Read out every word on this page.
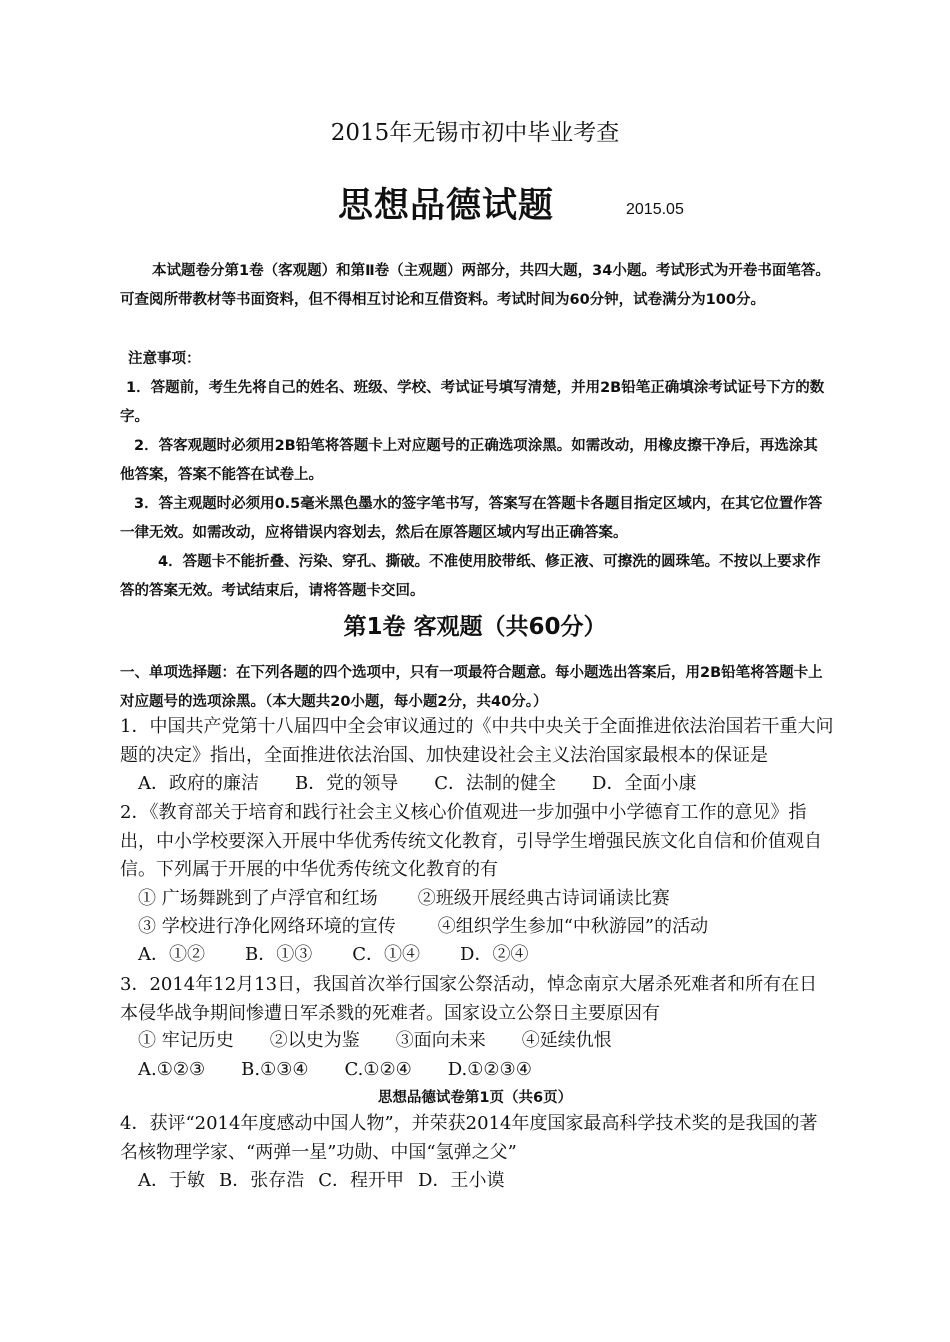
2015年无锡市初中毕业考查
思想品德试题	2015.05
本试题卷分第1卷（客观题）和第Ⅱ卷（主观题）两部分，共四大题，34小题。考试形式为开卷书面笔答。可查阅所带教材等书面资料，但不得相互讨论和互借资料。考试时间为60分钟，试卷满分为100分。
注意事项：
1．答题前，考生先将自己的姓名、班级、学校、考试证号填写清楚，并用2B铅笔正确填涂考试证号下方的数字。
2．答客观题时必须用2B铅笔将答题卡上对应题号的正确选项涂黑。如需改动，用橡皮擦干净后，再选涂其他答案，答案不能答在试卷上。
3．答主观题时必须用0.5毫米黑色墨水的签字笔书写，答案写在答题卡各题目指定区域内，在其它位置作答一律无效。如需改动，应将错误内容划去，然后在原答题区域内写出正确答案。
4．答题卡不能折叠、污染、穿孔、撕破。不准使用胶带纸、修正液、可擦洗的圆珠笔。不按以上要求作答的答案无效。考试结束后，请将答题卡交回。
第1卷 客观题（共60分）
一、单项选择题：在下列各题的四个选项中，只有一项最符合题意。每小题选出答案后，用2B铅笔将答题卡上对应题号的选项涂黑。（本大题共20小题，每小题2分，共40分。）
1．中国共产党第十八届四中全会审议通过的《中共中央关于全面推进依法治国若干重大问题的决定》指出，全面推进依法治国、加快建设社会主义法治国家最根本的保证是
A．政府的廉洁 B．党的领导 C．法制的健全 D．全面小康
2．《教育部关于培育和践行社会主义核心价值观进一步加强中小学德育工作的意见》指出，中小学校要深入开展中华优秀传统文化教育，引导学生增强民族文化自信和价值观自信。下列属于开展的中华优秀传统文化教育的有
① 广场舞跳到了卢浮官和红场 ②班级开展经典古诗词诵读比赛
③ 学校进行净化网络环境的宣传 ④组织学生参加“中秋游园”的活动
A．①② B．①③ C．①④ D．②④
3．2014年12月13日，我国首次举行国家公祭活动，悼念南京大屠杀死难者和所有在日本侵华战争期间惨遭日军杀戮的死难者。国家设立公祭日主要原因有
① 牢记历史 ②以史为鉴 ③面向未来 ④延续仇恨
A.①②③ B.①③④ C.①②④ D.①②③④
思想品德试卷第1页（共6页）
4．获评“2014年度感动中国人物”，并荣获2014年度国家最高科学技术奖的是我国的著名核物理学家、“两弹一星”功勋、中国“氢弹之父”
A．于敏 B．张存浩 C．程开甲 D．王小谟
